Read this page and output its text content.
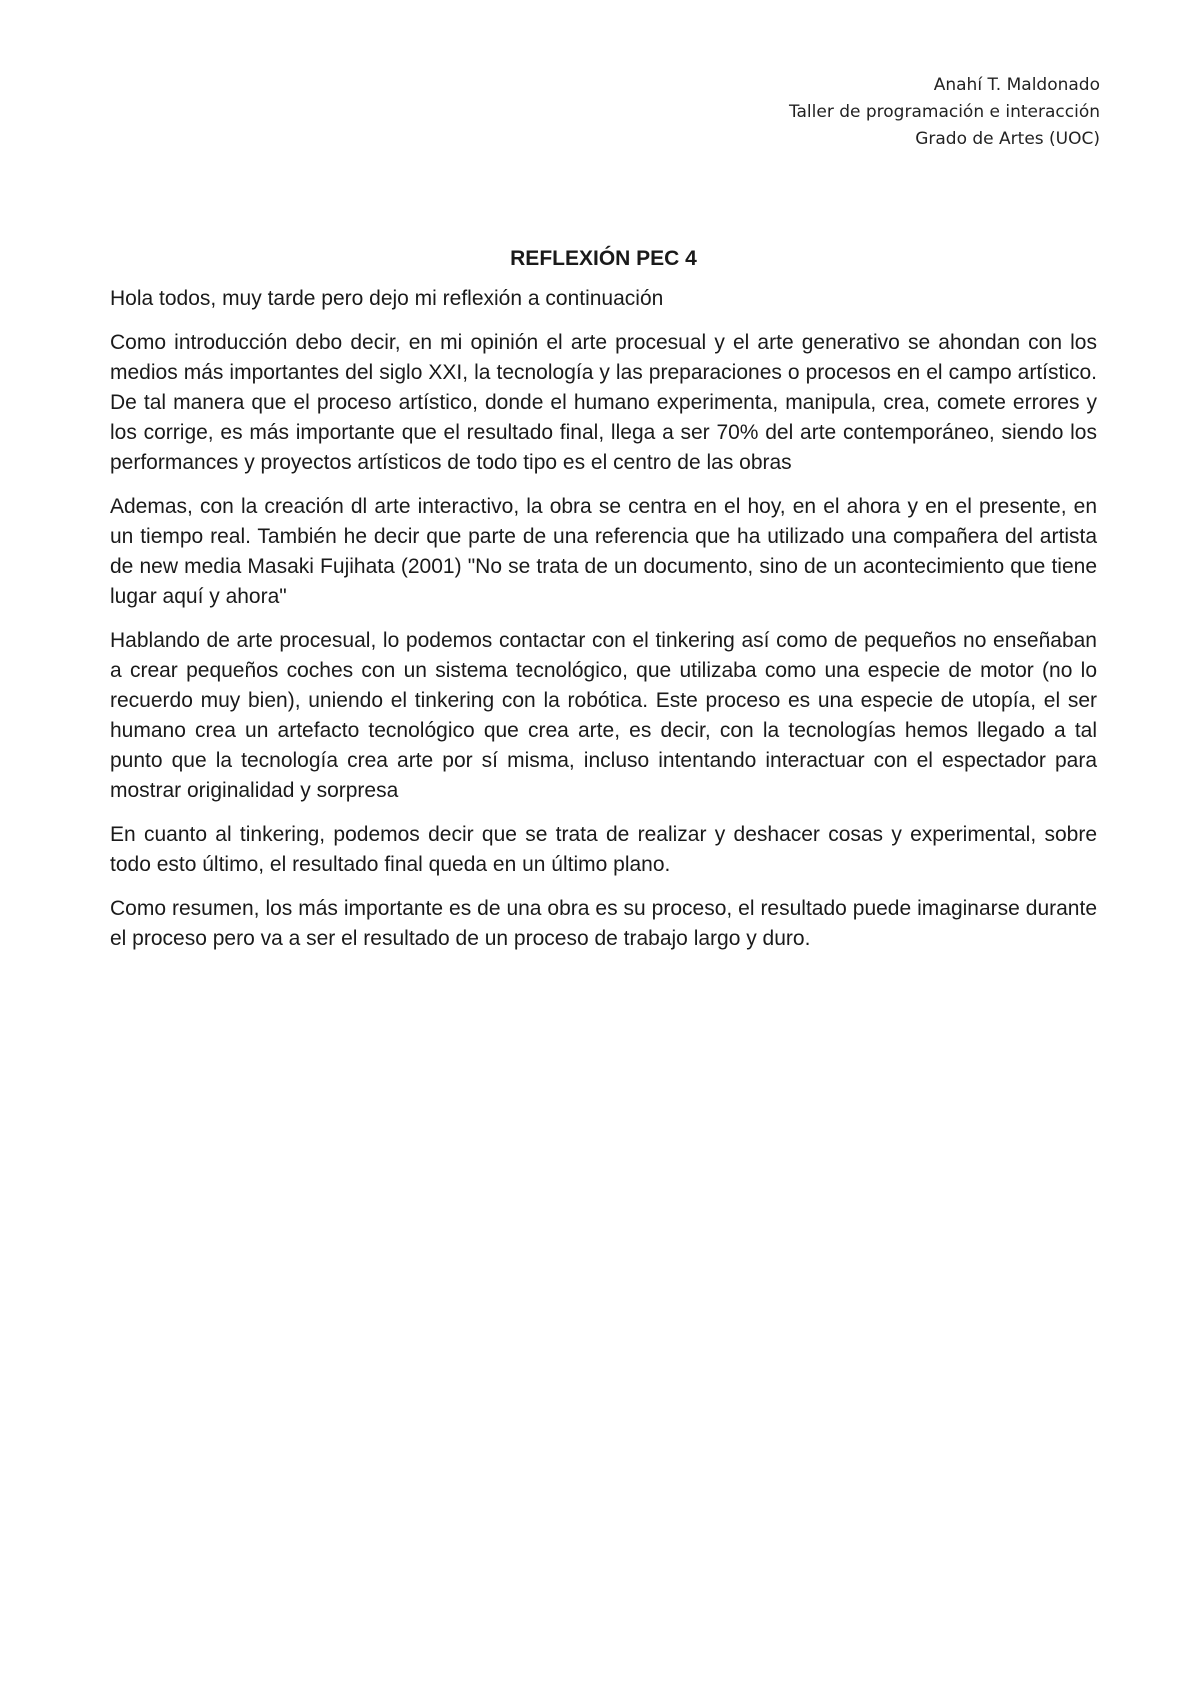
Anahí T. Maldonado
Taller de programación e interacción
Grado de Artes (UOC)
REFLEXIÓN PEC 4

Hola todos, muy tarde pero dejo mi reflexión a continuación

Como introducción debo decir, en mi opinión el arte procesual y el arte generativo se ahondan con los medios más importantes del siglo XXI, la tecnología y las preparaciones o procesos en el campo artístico. De tal manera que el proceso artístico, donde el humano experimenta, manipula, crea, comete errores y los corrige, es más importante que el resultado final, llega a ser 70% del arte contemporáneo, siendo los performances y proyectos artísticos de todo tipo es el centro de las obras

Ademas, con la creación dl arte interactivo, la obra se centra en el hoy, en el ahora y en el presente, en un tiempo real. También he decir que parte de una referencia que ha utilizado una compañera del artista de new media Masaki Fujihata (2001) "No se trata de un documento, sino de un acontecimiento que tiene lugar aquí y ahora"

Hablando de arte procesual, lo podemos contactar con el tinkering así como de pequeños no enseñaban a crear pequeños coches con un sistema tecnológico, que utilizaba como una especie de motor (no lo recuerdo muy bien), uniendo el tinkering con la robótica. Este proceso es una especie de utopía, el ser humano crea un artefacto tecnológico que crea arte, es decir, con la tecnologías hemos llegado a tal punto que la tecnología crea arte por sí misma, incluso intentando interactuar con el espectador para mostrar originalidad y sorpresa

En cuanto al tinkering, podemos decir que se trata de realizar y deshacer cosas y experimental, sobre todo esto último, el resultado final queda en un último plano.

Como resumen, los más importante es de una obra es su proceso, el resultado puede imaginarse durante el proceso pero va a ser el resultado de un proceso de trabajo largo y duro.
